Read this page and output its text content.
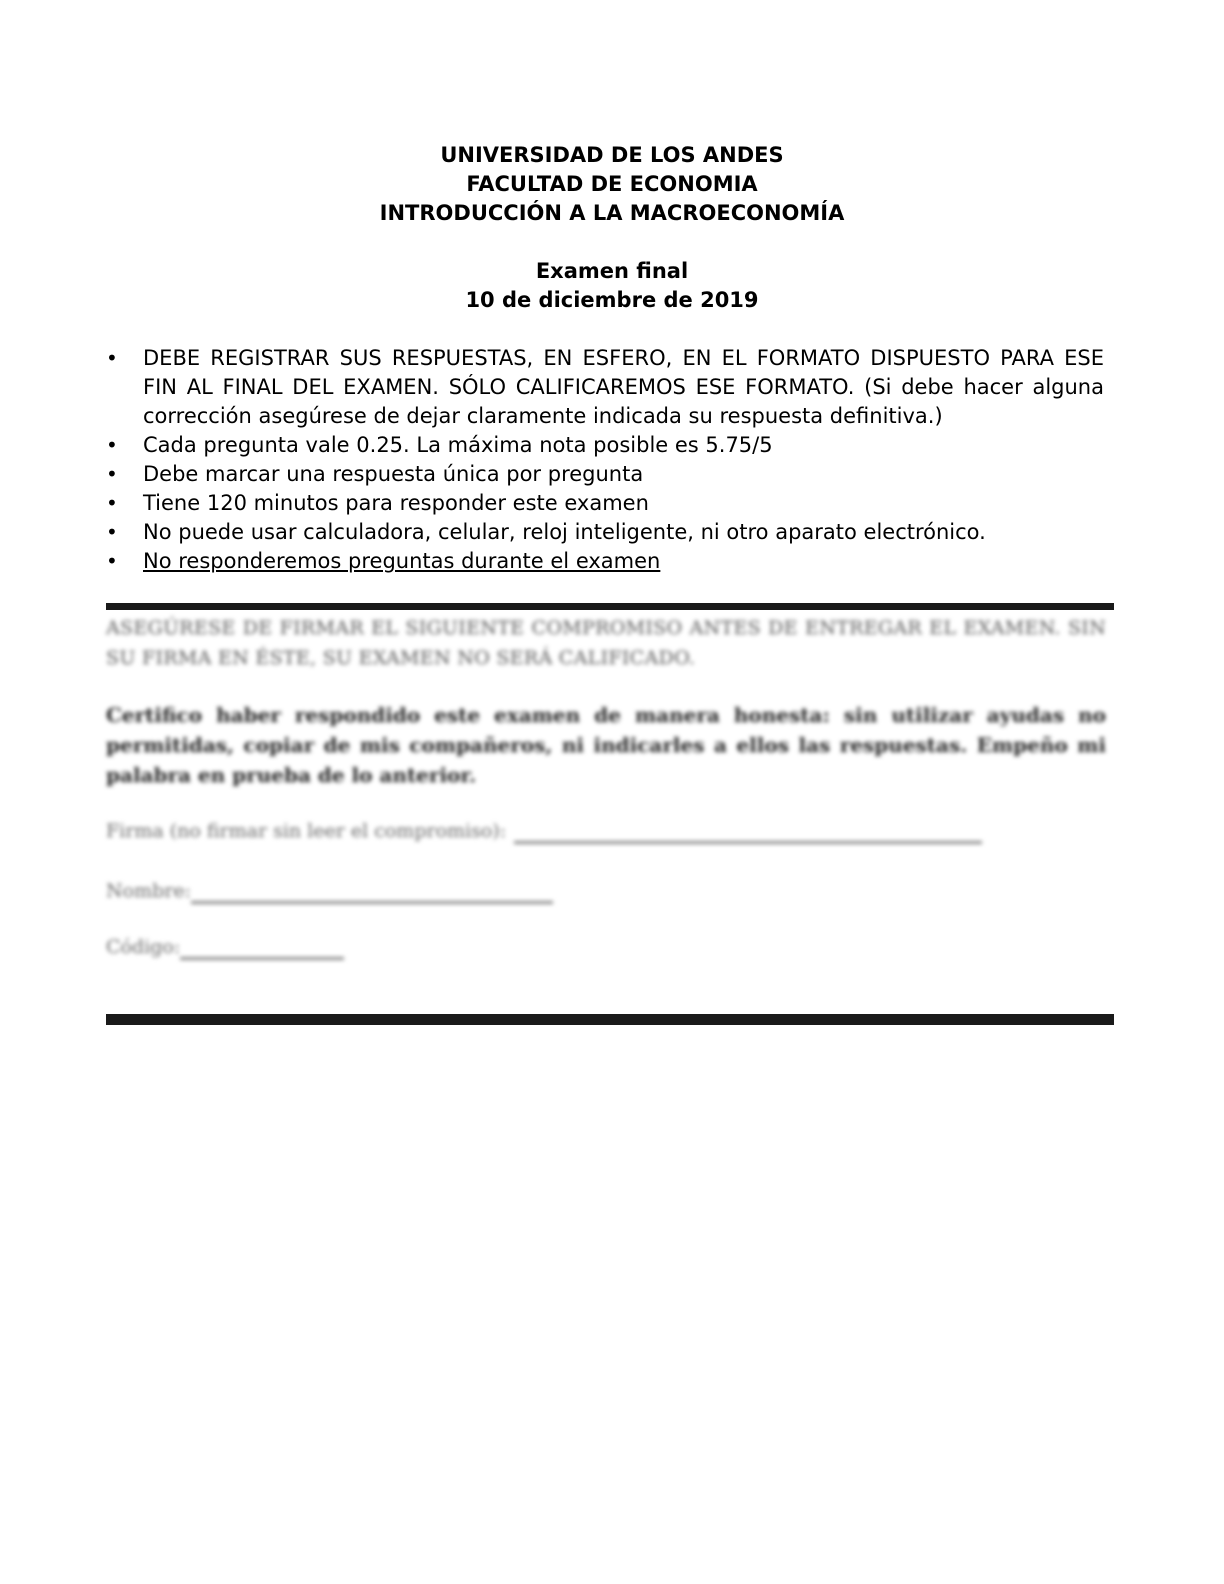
UNIVERSIDAD DE LOS ANDES
FACULTAD DE ECONOMIA
INTRODUCCIÓN A LA MACROECONOMÍA
Examen final
10 de diciembre de 2019
•	DEBE REGISTRAR SUS RESPUESTAS, EN ESFERO, EN EL FORMATO DISPUESTO PARA ESE FIN AL FINAL DEL EXAMEN. SÓLO CALIFICAREMOS ESE FORMATO. (Si debe hacer alguna corrección asegúrese de dejar claramente indicada su respuesta definitiva.)
•	Cada pregunta vale 0.25. La máxima nota posible es 5.75/5
•	Debe marcar una respuesta única por pregunta
•	Tiene 120 minutos para responder este examen
•	No puede usar calculadora, celular, reloj inteligente, ni otro aparato electrónico.
•	No responderemos preguntas durante el examen
ASEGÚRESE DE FIRMAR EL SIGUIENTE COMPROMISO ANTES DE ENTREGAR EL EXAMEN. SIN SU FIRMA EN ÉSTE, SU EXAMEN NO SERÁ CALIFICADO.
Certifico haber respondido este examen de manera honesta: sin utilizar ayudas no permitidas, copiar de mis compañeros, ni indicarles a ellos las respuestas. Empeño mi palabra en prueba de lo anterior.
Firma (no firmar sin leer el compromiso):
Nombre:
Código:
